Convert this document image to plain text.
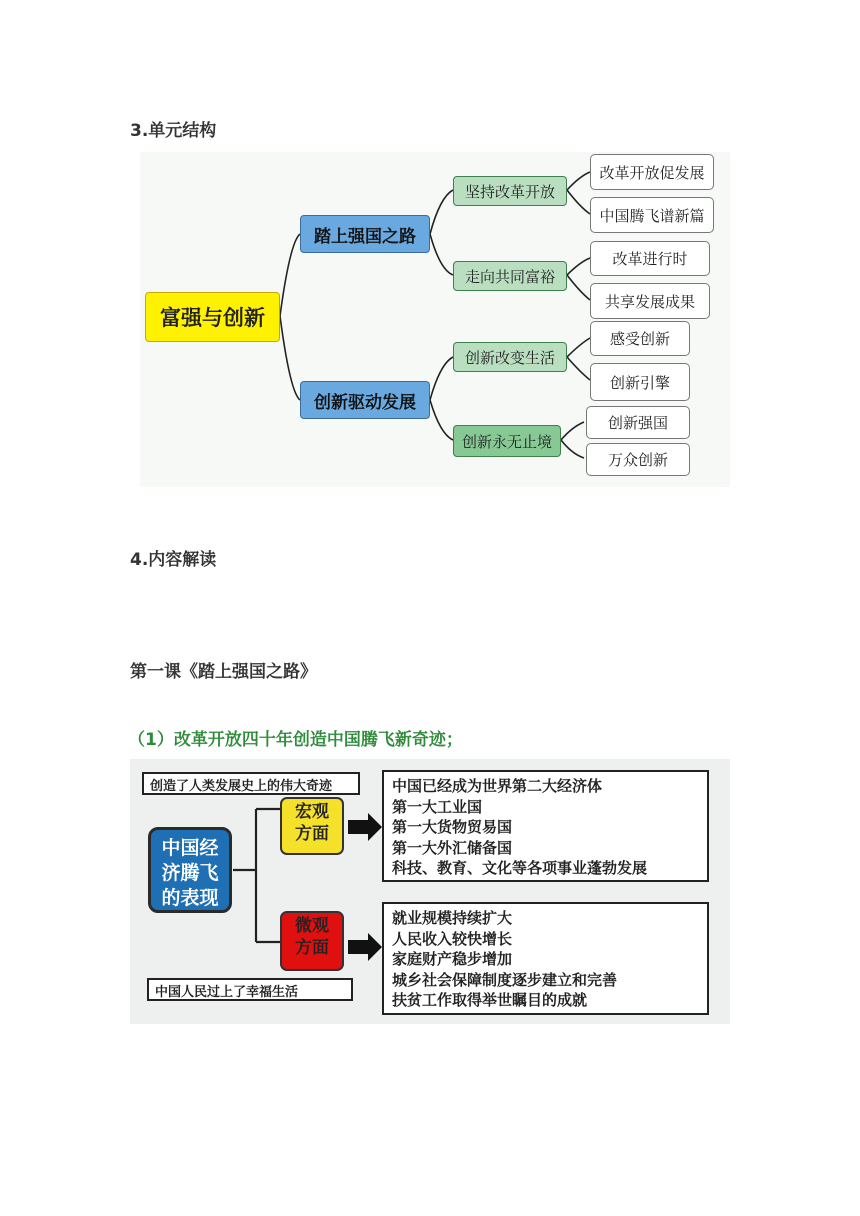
3.单元结构
富强与创新
踏上强国之路
创新驱动发展
坚持改革开放
走向共同富裕
创新改变生活
创新永无止境
改革开放促发展
中国腾飞谱新篇
改革进行时
共享发展成果
感受创新
创新引擎
创新强国
万众创新
4.内容解读
第一课《踏上强国之路》
（1）改革开放四十年创造中国腾飞新奇迹；
创造了人类发展史上的伟大奇迹
中国经
济腾飞
的表现
宏观
方面
微观
方面
中国人民过上了幸福生活
中国已经成为世界第二大经济体
第一大工业国
第一大货物贸易国
第一大外汇储备国
科技、教育、文化等各项事业蓬勃发展
就业规模持续扩大
人民收入较快增长
家庭财产稳步增加
城乡社会保障制度逐步建立和完善
扶贫工作取得举世瞩目的成就
